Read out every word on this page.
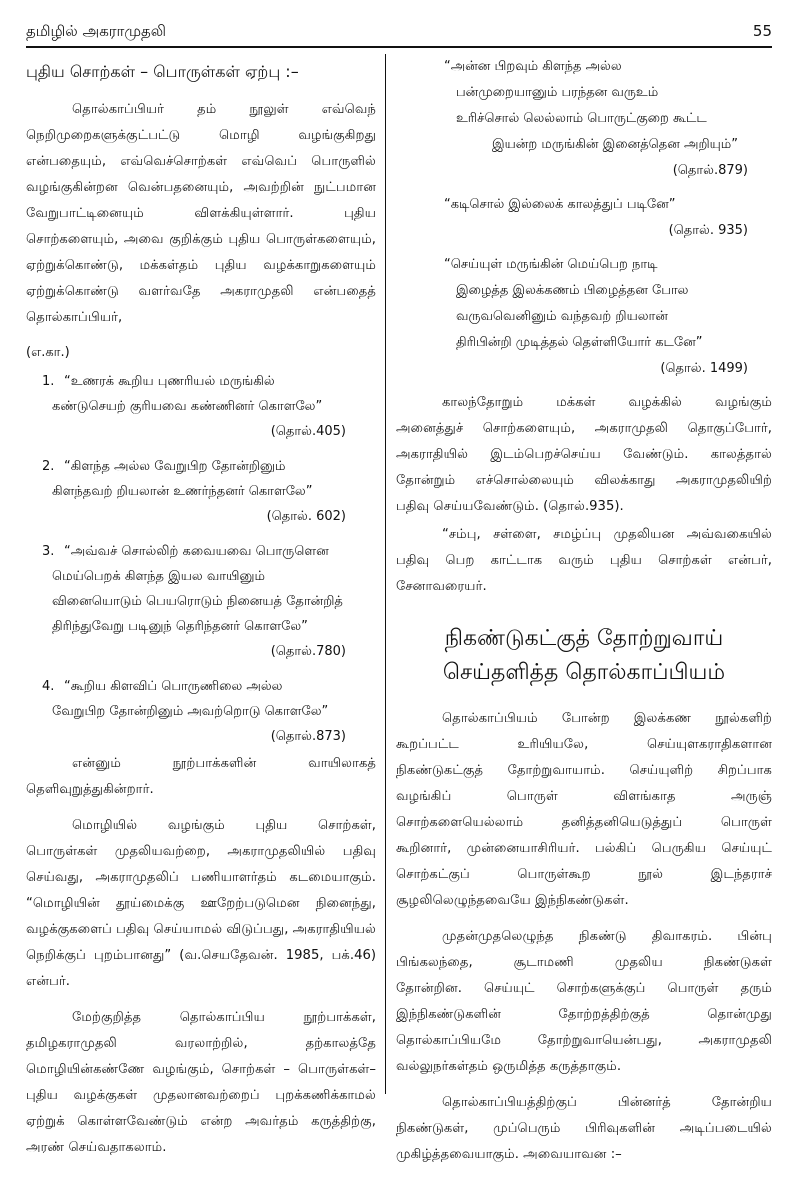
தமிழில் அகராமுதலி	55
புதிய சொற்கள் – பொருள்கள் ஏற்பு :–

தொல்காப்பியர் தம் நூலுள் எவ்வெந்

நெறிமுறைகளுக்குட்பட்டு மொழி வழங்குகிறது

என்பதையும், எவ்வெச்சொற்கள் எவ்வெப் பொருளில்

வழங்குகின்றன வென்பதனையும், அவற்றின் நுட்பமான

வேறுபாட்டினையும் விளக்கியுள்ளார். புதிய

சொற்களையும், அவை குறிக்கும் புதிய பொருள்களையும்,

ஏற்றுக்கொண்டு, மக்கள்தம் புதிய வழக்காறுகளையும்

ஏற்றுக்கொண்டு வளர்வதே அகராமுதலி என்பதைத்

தொல்காப்பியர்,

(எ.கா.)

1. “உணரக் கூறிய புணரியல் மருங்கில்

கண்டுசெயற் குரியவை கண்ணினர் கொளலே”

(தொல்.405)

2. “கிளந்த அல்ல வேறுபிற தோன்றினும்

கிளந்தவற் றியலான் உணர்ந்தனர் கொளலே”

(தொல். 602)

3. “அவ்வச் சொல்லிற் கவையவை பொருளென

மெய்பெறக் கிளந்த இயல வாயினும்

வினையொடும் பெயரொடும் நினையத் தோன்றித்

திரிந்துவேறு படினுந் தெரிந்தனர் கொளலே”

(தொல்.780)

4. “கூறிய கிளவிப் பொருணிலை அல்ல

வேறுபிற தோன்றினும் அவற்றொடு கொளலே”

(தொல்.873)

என்னும் நூற்பாக்களின் வாயிலாகத்

தெளிவுறுத்துகின்றார்.

மொழியில் வழங்கும் புதிய சொற்கள்,

பொருள்கள் முதலியவற்றை, அகராமுதலியில் பதிவு

செய்வது, அகராமுதலிப் பணியாளர்தம் கடமையாகும்.

“மொழியின் தூய்மைக்கு ஊறேற்படுமென நினைந்து,

வழக்குகளைப் பதிவு செய்யாமல் விடுப்பது, அகராதியியல்

நெறிக்குப் புறம்பானது” (வ.செயதேவன். 1985, பக்.46)

என்பர்.

மேற்குறித்த தொல்காப்பிய நூற்பாக்கள்,

தமிழகராமுதலி வரலாற்றில், தற்காலத்தே

மொழியின்கண்ணே வழங்கும், சொற்கள் – பொருள்கள்–

புதிய வழக்குகள் முதலானவற்றைப் புறக்கணிக்காமல்

ஏற்றுக் கொள்ளவேண்டும் என்ற அவர்தம் கருத்திற்கு,

அரண் செய்வதாகலாம்.

“அன்ன பிறவும் கிளந்த அல்ல

பன்முறையானும் பரந்தன வருஉம்

உரிச்சொல் லெல்லாம் பொருட்குறை கூட்ட

இயன்ற மருங்கின் இனைத்தென அறியும்”

(தொல்.879)

“கடிசொல் இல்லைக் காலத்துப் படினே”

(தொல். 935)

“செய்யுள் மருங்கின் மெய்பெற நாடி

இழைத்த இலக்கணம் பிழைத்தன போல

வருவவெனினும் வந்தவற் றியலான்

திரிபின்றி முடித்தல் தெள்ளியோர் கடனே”

(தொல். 1499)

காலந்தோறும் மக்கள் வழக்கில் வழங்கும்

அனைத்துச் சொற்களையும், அகராமுதலி தொகுப்போர்,

அகராதியில் இடம்பெறச்செய்ய வேண்டும். காலத்தால்

தோன்றும் எச்சொல்லையும் விலக்காது அகராமுதலியிற்

பதிவு செய்யவேண்டும். (தொல்.935).

“சம்பு, சள்ளை, சமழ்ப்பு முதலியன அவ்வகையில்

பதிவு பெற காட்டாக வரும் புதிய சொற்கள் என்பர்,

சேனாவரையர்.

நிகண்டுகட்குத் தோற்றுவாய்
செய்தளித்த தொல்காப்பியம்

தொல்காப்பியம் போன்ற இலக்கண நூல்களிற்

கூறப்பட்ட உரியியலே, செய்யுளகராதிகளான

நிகண்டுகட்குத் தோற்றுவாயாம். செய்யுளிற் சிறப்பாக

வழங்கிப் பொருள் விளங்காத அருஞ்

சொற்களையெல்லாம் தனித்தனியெடுத்துப் பொருள்

கூறினார், முன்னையாசிரியர். பல்கிப் பெருகிய செய்யுட்

சொற்கட்குப் பொருள்கூற நூல் இடந்தராச்

சூழலிலெழுந்தவையே இந்நிகண்டுகள்.

முதன்முதலெழுந்த நிகண்டு திவாகரம். பின்பு

பிங்கலந்தை, சூடாமணி முதலிய நிகண்டுகள்

தோன்றின. செய்யுட் சொற்களுக்குப் பொருள் தரும்

இந்நிகண்டுகளின் தோற்றத்திற்குத் தொன்முது

தொல்காப்பியமே தோற்றுவாயென்பது, அகராமுதலி

வல்லுநர்கள்தம் ஒருமித்த கருத்தாகும்.

தொல்காப்பியத்திற்குப் பின்னர்த் தோன்றிய

நிகண்டுகள், முப்பெரும் பிரிவுகளின் அடிப்படையில்

முகிழ்த்தவையாகும். அவையாவன :–
